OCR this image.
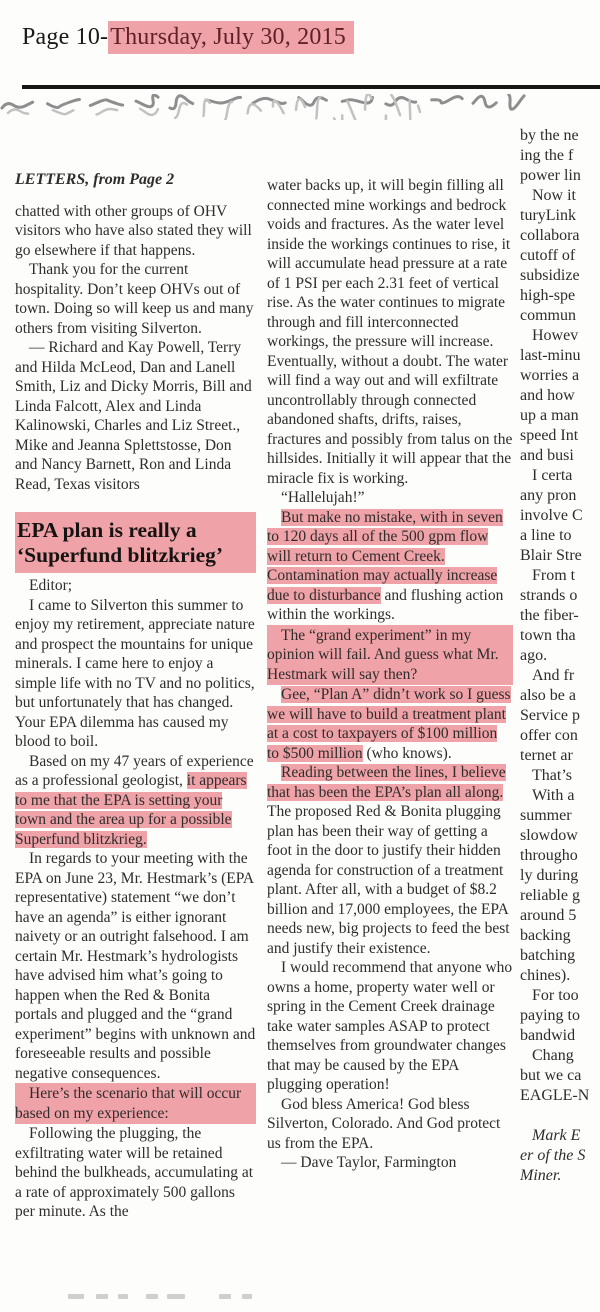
Page 10-Thursday, July 30, 2015
LETTERS, from Page 2

chatted with other groups of OHV visitors who have also stated they will go elsewhere if that happens.

Thank you for the current hospitality. Don’t keep OHVs out of town. Doing so will keep us and many others from visiting Silverton.

— Richard and Kay Powell, Terry and Hilda McLeod, Dan and Lanell Smith, Liz and Dicky Morris, Bill and Linda Falcott, Alex and Linda Kalinowski, Charles and Liz Street., Mike and Jeanna Splettstosse, Don and Nancy Barnett, Ron and Linda Read, Texas visitors

EPA plan is really a ‘Superfund blitzkrieg’

Editor;

I came to Silverton this summer to enjoy my retirement, appreciate nature and prospect the mountains for unique minerals. I came here to enjoy a simple life with no TV and no politics, but unfortunately that has changed. Your EPA dilemma has caused my blood to boil.

Based on my 47 years of experience as a professional geologist, it appears to me that the EPA is setting your town and the area up for a possible Superfund blitzkrieg.

In regards to your meeting with the EPA on June 23, Mr. Hestmark’s (EPA representative) statement “we don’t have an agenda” is either ignorant naivety or an outright falsehood. I am certain Mr. Hestmark’s hydrologists have advised him what’s going to happen when the Red & Bonita portals and plugged and the “grand experiment” begins with unknown and foreseeable results and possible negative consequences.

Here’s the scenario that will occur based on my experience:

Following the plugging, the exfiltrating water will be retained behind the bulkheads, accumulating at a rate of approximately 500 gallons per minute. As the

water backs up, it will begin filling all connected mine workings and bedrock voids and fractures. As the water level inside the workings continues to rise, it will accumulate head pressure at a rate of 1 PSI per each 2.31 feet of vertical rise. As the water continues to migrate through and fill interconnected workings, the pressure will increase. Eventually, without a doubt. The water will find a way out and will exfiltrate uncontrollably through connected abandoned shafts, drifts, raises, fractures and possibly from talus on the hillsides. Initially it will appear that the miracle fix is working.

“Hallelujah!”

But make no mistake, with in seven to 120 days all of the 500 gpm flow will return to Cement Creek. Contamination may actually increase due to disturbance and flushing action within the workings.

The “grand experiment” in my opinion will fail. And guess what Mr. Hestmark will say then?

Gee, “Plan A” didn’t work so I guess we will have to build a treatment plant at a cost to taxpayers of $100 million to $500 million (who knows).

Reading between the lines, I believe that has been the EPA’s plan all along. The proposed Red & Bonita plugging plan has been their way of getting a foot in the door to justify their hidden agenda for construction of a treatment plant. After all, with a budget of $8.2 billion and 17,000 employees, the EPA needs new, big projects to feed the best and justify their existence.

I would recommend that anyone who owns a home, property water well or spring in the Cement Creek drainage take water samples ASAP to protect themselves from groundwater changes that may be caused by the EPA plugging operation!

God bless America! God bless Silverton, Colorado. And God protect us from the EPA.

— Dave Taylor, Farmington

by the ne
ing the f
power lin
Now it
turyLink
collabora
cutoff of
subsidize
high-spe
commun
Howev
last-minu
worries a
and how
up a man
speed Int
and busi
I certa
any pron
involve C
a line to
Blair Stre
From t
strands o
the fiber-
town tha
ago.
And fr
also be a
Service p
offer con
ternet ar
That’s
With a
summer
slowdow
througho
ly during
reliable g
around 5
backing
batching
chines).
For too
paying to
bandwid
Chang
but we ca
EAGLE-N
Mark E
er of the S
Miner.
